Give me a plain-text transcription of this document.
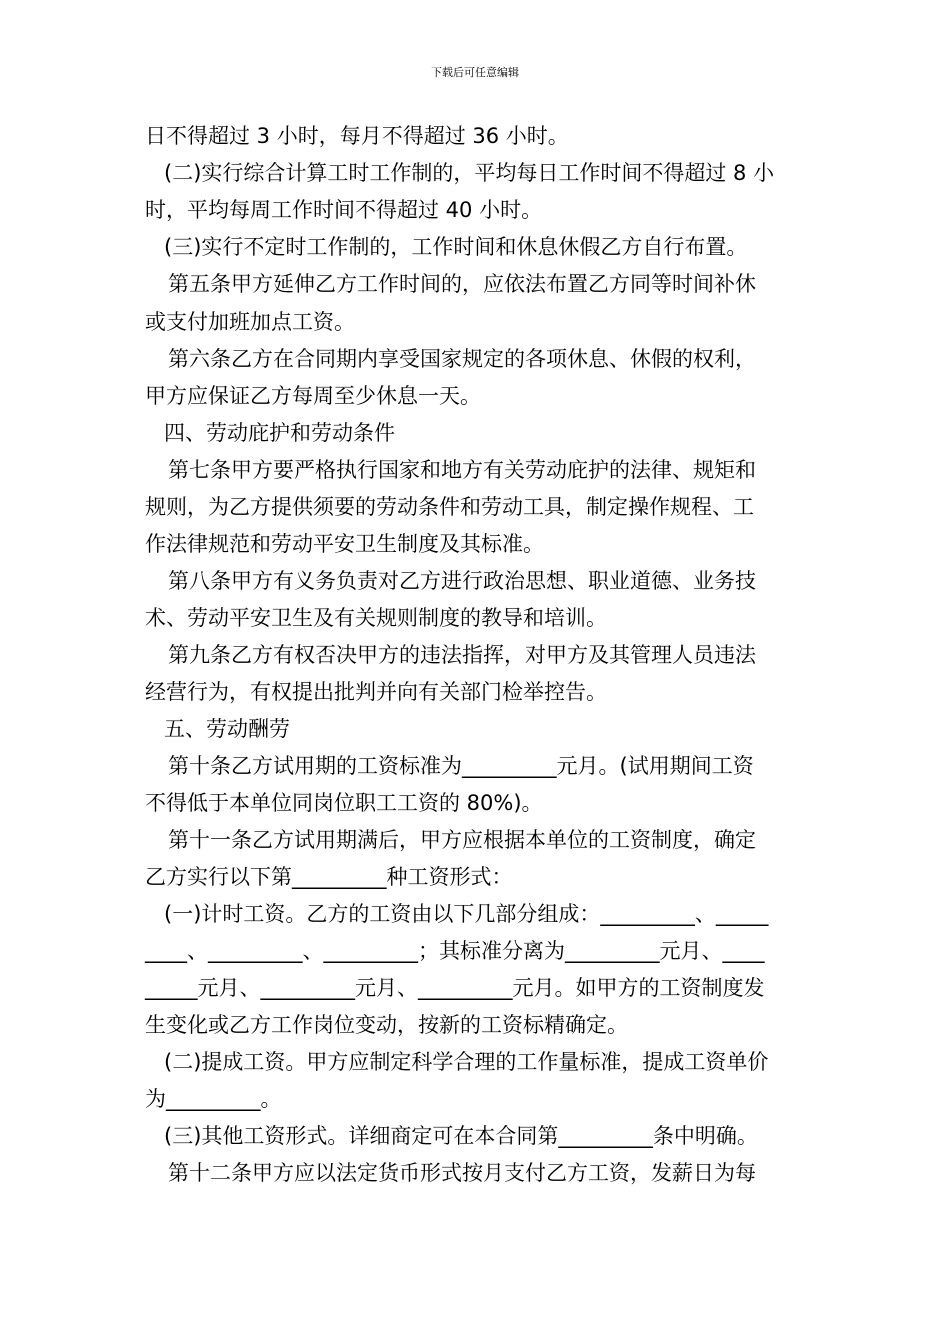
下载后可任意编辑
日不得超过 3 小时，每月不得超过 36 小时。
(二)实行综合计算工时工作制的，平均每日工作时间不得超过 8 小
时，平均每周工作时间不得超过 40 小时。
(三)实行不定时工作制的，工作时间和休息休假乙方自行布置。
第五条甲方延伸乙方工作时间的，应依法布置乙方同等时间补休
或支付加班加点工资。
第六条乙方在合同期内享受国家规定的各项休息、休假的权利，
甲方应保证乙方每周至少休息一天。
四、劳动庇护和劳动条件
第七条甲方要严格执行国家和地方有关劳动庇护的法律、规矩和
规则，为乙方提供须要的劳动条件和劳动工具，制定操作规程、工
作法律规范和劳动平安卫生制度及其标准。
第八条甲方有义务负责对乙方进行政治思想、职业道德、业务技
术、劳动平安卫生及有关规则制度的教导和培训。
第九条乙方有权否决甲方的违法指挥，对甲方及其管理人员违法
经营行为，有权提出批判并向有关部门检举控告。
五、劳动酬劳
第十条乙方试用期的工资标准为_________元月。(试用期间工资
不得低于本单位同岗位职工工资的 80%)。
第十一条乙方试用期满后，甲方应根据本单位的工资制度，确定
乙方实行以下第_________种工资形式：
(一)计时工资。乙方的工资由以下几部分组成：_________、_____
____、_________、_________；其标准分离为_________元月、____
_____元月、_________元月、_________元月。如甲方的工资制度发
生变化或乙方工作岗位变动，按新的工资标精确定。
(二)提成工资。甲方应制定科学合理的工作量标准，提成工资单价
为_________。
(三)其他工资形式。详细商定可在本合同第_________条中明确。
第十二条甲方应以法定货币形式按月支付乙方工资，发薪日为每
